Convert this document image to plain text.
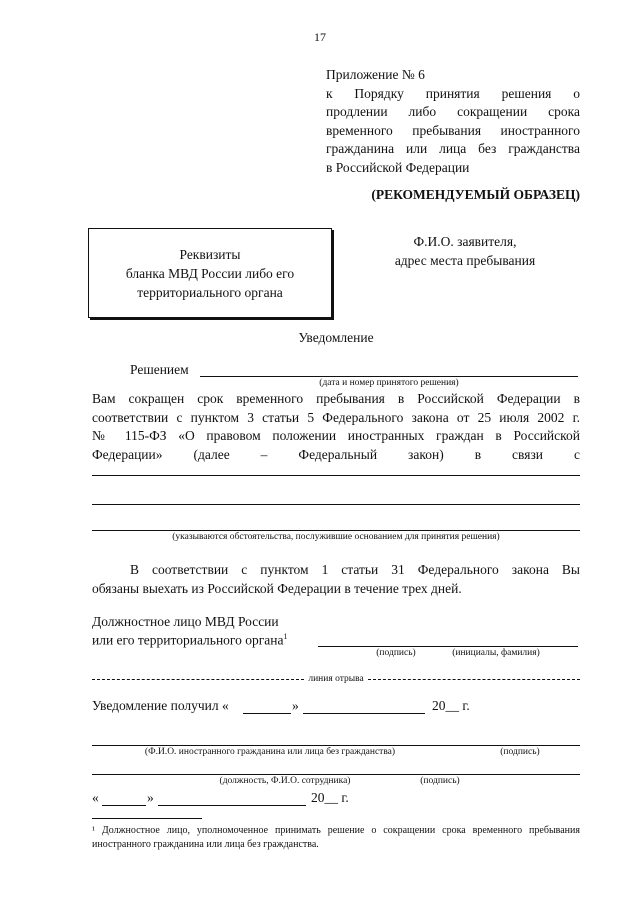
17
Приложение № 6
к Порядку принятия решения о
продлении либо сокращении срока
временного пребывания иностранного
гражданина или лица без гражданства
в Российской Федерации
(РЕКОМЕНДУЕМЫЙ ОБРАЗЕЦ)
Реквизиты
бланка МВД России либо его
территориального органа
Ф.И.О. заявителя,
адрес места пребывания
Уведомление
Решением
(дата и номер принятого решения)
Вам сокращен срок временного пребывания в Российской Федерации в
соответствии с пунктом 3 статьи 5 Федерального закона от 25 июля 2002 г.
№ 115-ФЗ «О правовом положении иностранных граждан в Российской
Федерации» (далее – Федеральный закон) в связи с
(указываются обстоятельства, послужившие основанием для принятия решения)
В соответствии с пунктом 1 статьи 31 Федерального закона Вы
обязаны выехать из Российской Федерации в течение трех дней.
Должностное лицо МВД России
или его территориального органа$^1$
(подпись)	(инициалы, фамилия)
линия отрыва
Уведомление получил «	»	20__ г.
(Ф.И.О. иностранного гражданина или лица без гражданства)	(подпись)
(должность, Ф.И.О. сотрудника)	(подпись)
«	»	20__ г.
¹ Должностное лицо, уполномоченное принимать решение о сокращении срока временного пребывания иностранного гражданина или лица без гражданства.
